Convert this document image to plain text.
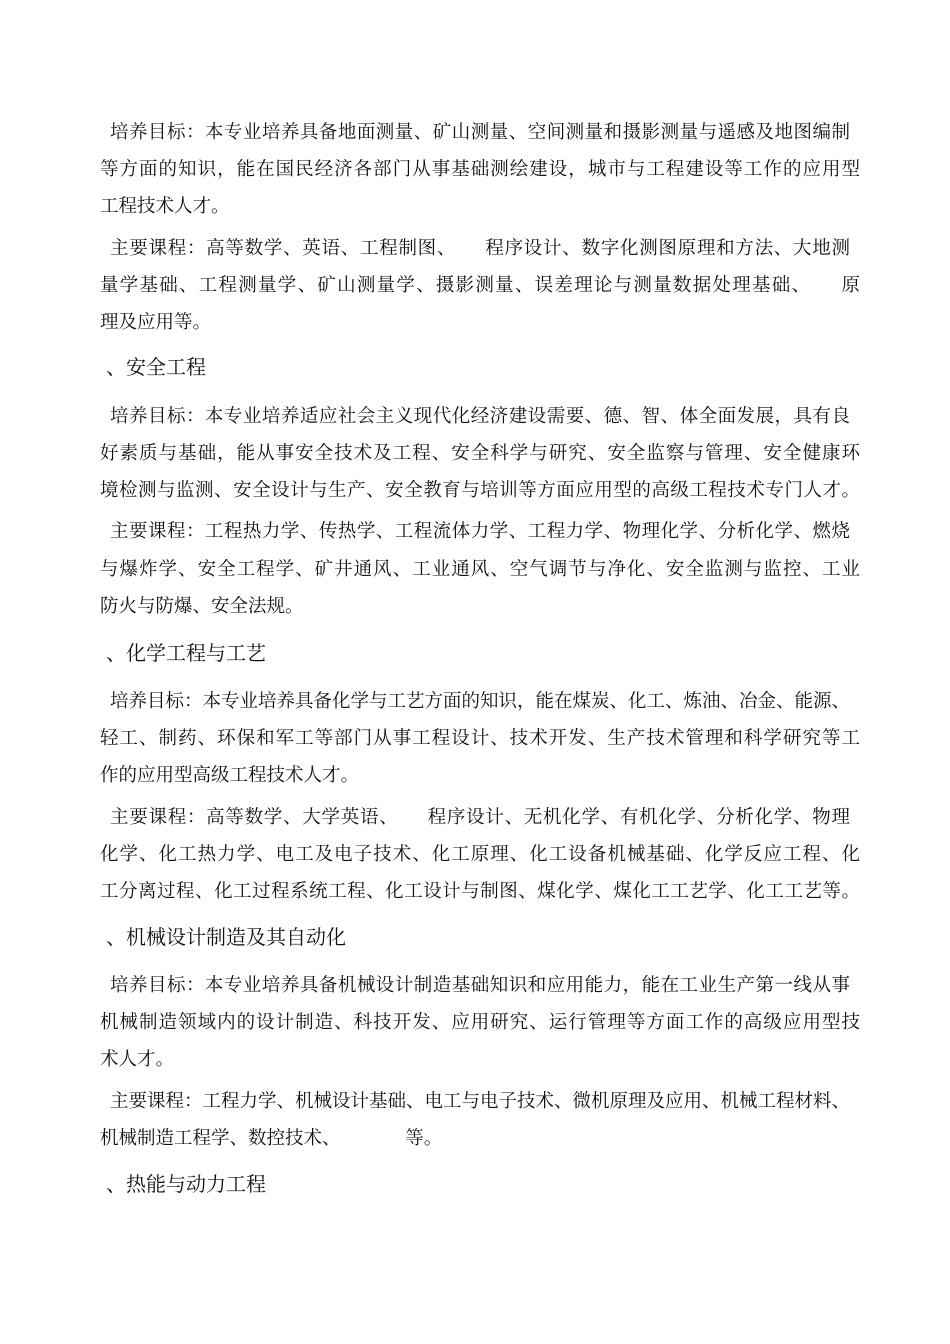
培养目标：本专业培养具备地面测量、矿山测量、空间测量和摄影测量与遥感及地图编制
等方面的知识，能在国民经济各部门从事基础测绘建设，城市与工程建设等工作的应用型
工程技术人才。
主要课程：高等数学、英语、工程制图、　　程序设计、数字化测图原理和方法、大地测
量学基础、工程测量学、矿山测量学、摄影测量、误差理论与测量数据处理基础、　　原
理及应用等。
、安全工程
培养目标：本专业培养适应社会主义现代化经济建设需要、德、智、体全面发展，具有良
好素质与基础，能从事安全技术及工程、安全科学与研究、安全监察与管理、安全健康环
境检测与监测、安全设计与生产、安全教育与培训等方面应用型的高级工程技术专门人才。
主要课程：工程热力学、传热学、工程流体力学、工程力学、物理化学、分析化学、燃烧
与爆炸学、安全工程学、矿井通风、工业通风、空气调节与净化、安全监测与监控、工业
防火与防爆、安全法规。
、化学工程与工艺
培养目标：本专业培养具备化学与工艺方面的知识，能在煤炭、化工、炼油、冶金、能源、
轻工、制药、环保和军工等部门从事工程设计、技术开发、生产技术管理和科学研究等工
作的应用型高级工程技术人才。
主要课程：高等数学、大学英语、　　程序设计、无机化学、有机化学、分析化学、物理
化学、化工热力学、电工及电子技术、化工原理、化工设备机械基础、化学反应工程、化
工分离过程、化工过程系统工程、化工设计与制图、煤化学、煤化工工艺学、化工工艺等。
、机械设计制造及其自动化
培养目标：本专业培养具备机械设计制造基础知识和应用能力，能在工业生产第一线从事
机械制造领域内的设计制造、科技开发、应用研究、运行管理等方面工作的高级应用型技
术人才。
主要课程：工程力学、机械设计基础、电工与电子技术、微机原理及应用、机械工程材料、
机械制造工程学、数控技术、　　　　等。
、热能与动力工程
